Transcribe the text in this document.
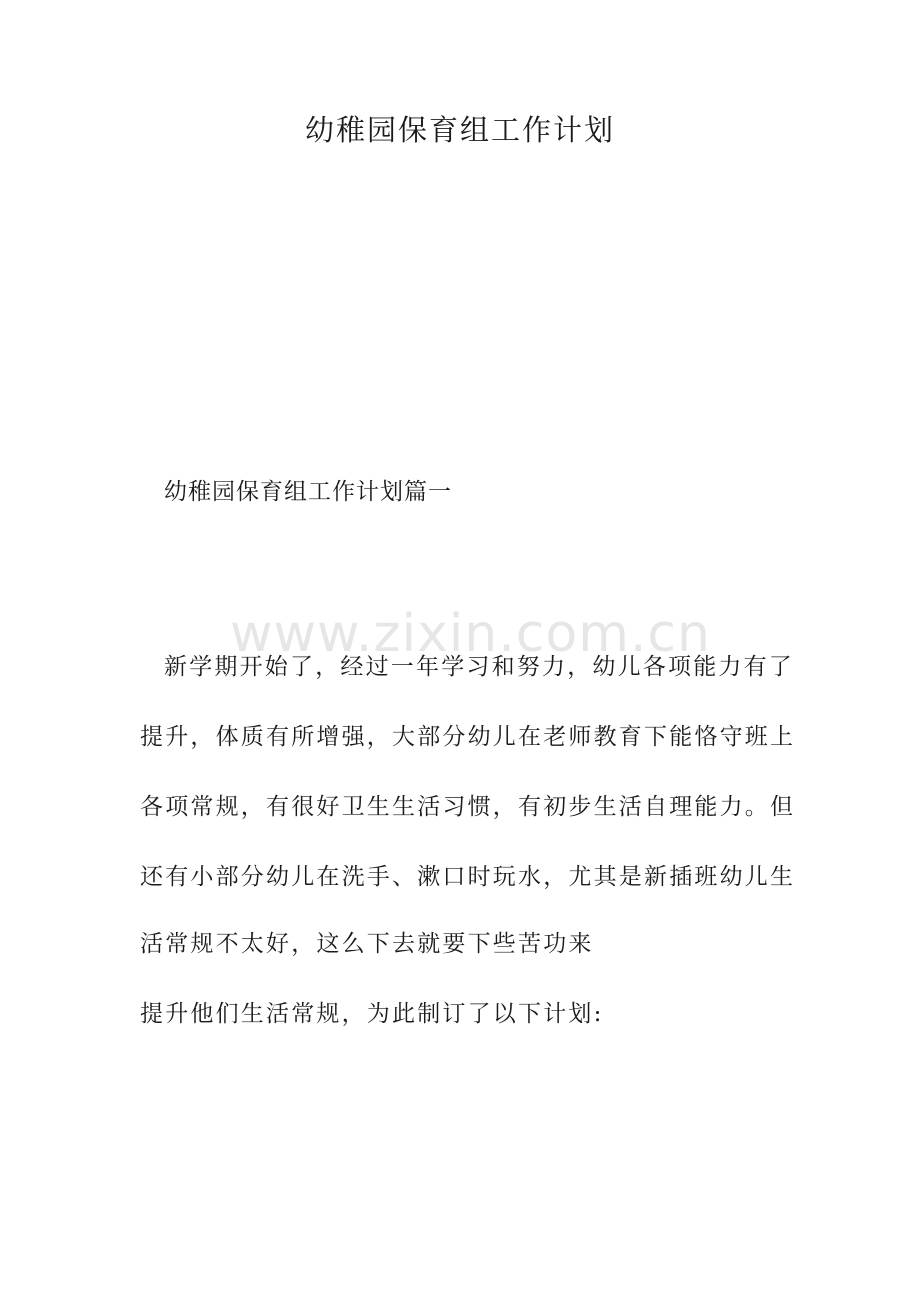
幼稚园保育组工作计划
幼稚园保育组工作计划篇一
www.zixin.com.cn
新学期开始了，经过一年学习和努力，幼儿各项能力有了
提升，体质有所增强，大部分幼儿在老师教育下能恪守班上
各项常规，有很好卫生生活习惯，有初步生活自理能力。但
还有小部分幼儿在洗手、漱口时玩水，尤其是新插班幼儿生
活常规不太好，这么下去就要下些苦功来
提升他们生活常规，为此制订了以下计划:
